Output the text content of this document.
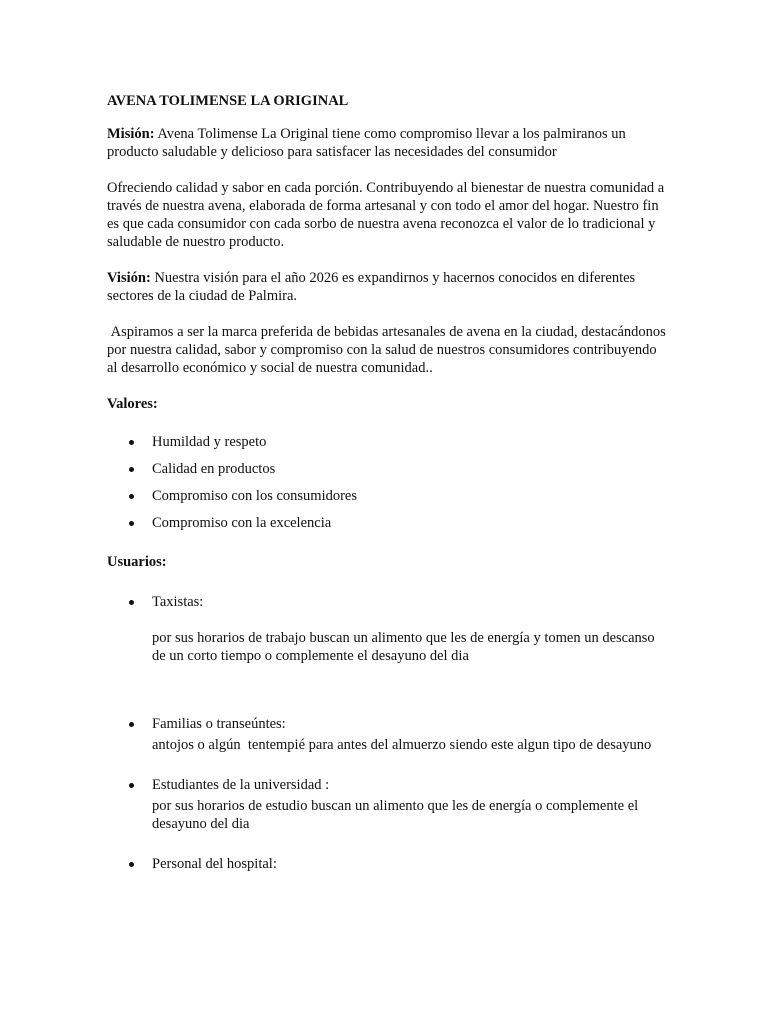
AVENA TOLIMENSE LA ORIGINAL

Misión: Avena Tolimense La Original tiene como compromiso llevar a los palmiranos un producto saludable y delicioso para satisfacer las necesidades del consumidor

Ofreciendo calidad y sabor en cada porción. Contribuyendo al bienestar de nuestra comunidad a través de nuestra avena, elaborada de forma artesanal y con todo el amor del hogar. Nuestro fin es que cada consumidor con cada sorbo de nuestra avena reconozca el valor de lo tradicional y saludable de nuestro producto.

Visión: Nuestra visión para el año 2026 es expandirnos y hacernos conocidos en diferentes sectores de la ciudad de Palmira.

Aspiramos a ser la marca preferida de bebidas artesanales de avena en la ciudad, destacándonos por nuestra calidad, sabor y compromiso con la salud de nuestros consumidores contribuyendo al desarrollo económico y social de nuestra comunidad..

Valores:
Humildad y respeto
Calidad en productos
Compromiso con los consumidores
Compromiso con la excelencia
Usuarios:
Taxistas:
por sus horarios de trabajo buscan un alimento que les de energía y tomen un descanso de un corto tiempo o complemente el desayuno del dia
Familias o transeúntes:
antojos o algún  tentempié para antes del almuerzo siendo este algun tipo de desayuno
Estudiantes de la universidad :
por sus horarios de estudio buscan un alimento que les de energía o complemente el desayuno del dia
Personal del hospital:
